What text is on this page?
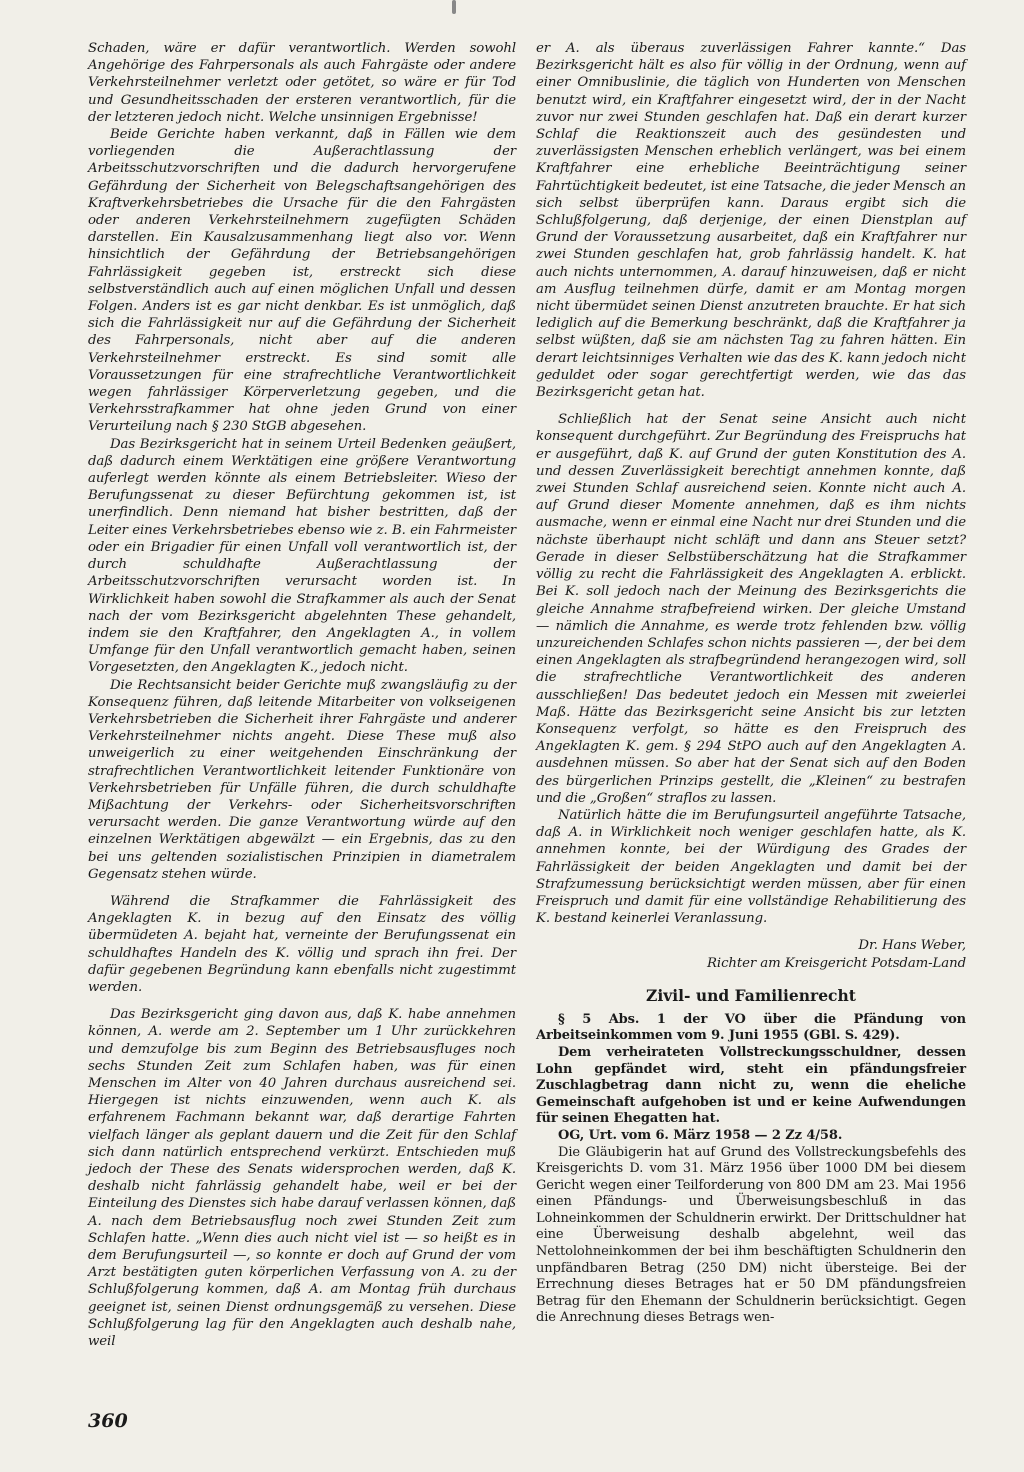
Schaden, wäre er dafür verantwortlich. Werden sowohl Angehörige des Fahrpersonals als auch Fahrgäste oder andere Verkehrsteilnehmer verletzt oder getötet, so wäre er für Tod und Gesundheitsschaden der ersteren verantwortlich, für die der letzteren jedoch nicht. Welche unsinnigen Ergebnisse!

Beide Gerichte haben verkannt, daß in Fällen wie dem vorliegenden die Außerachtlassung der Arbeitsschutzvorschriften und die dadurch hervorgerufene Gefährdung der Sicherheit von Belegschaftsangehörigen des Kraftverkehrsbetriebes die Ursache für die den Fahrgästen oder anderen Verkehrsteilnehmern zugefügten Schäden darstellen. Ein Kausalzusammenhang liegt also vor. Wenn hinsichtlich der Gefährdung der Betriebsangehörigen Fahrlässigkeit gegeben ist, erstreckt sich diese selbstverständlich auch auf einen möglichen Unfall und dessen Folgen. Anders ist es gar nicht denkbar. Es ist unmöglich, daß sich die Fahrlässigkeit nur auf die Gefährdung der Sicherheit des Fahrpersonals, nicht aber auf die anderen Verkehrsteilnehmer erstreckt. Es sind somit alle Voraussetzungen für eine strafrechtliche Verantwortlichkeit wegen fahrlässiger Körperverletzung gegeben, und die Verkehrsstrafkammer hat ohne jeden Grund von einer Verurteilung nach § 230 StGB abgesehen.

Das Bezirksgericht hat in seinem Urteil Bedenken geäußert, daß dadurch einem Werktätigen eine größere Verantwortung auferlegt werden könnte als einem Betriebsleiter. Wieso der Berufungssenat zu dieser Befürchtung gekommen ist, ist unerfindlich. Denn niemand hat bisher bestritten, daß der Leiter eines Verkehrsbetriebes ebenso wie z. B. ein Fahrmeister oder ein Brigadier für einen Unfall voll verantwortlich ist, der durch schuldhafte Außerachtlassung der Arbeitsschutzvorschriften verursacht worden ist. In Wirklichkeit haben sowohl die Strafkammer als auch der Senat nach der vom Bezirksgericht abgelehnten These gehandelt, indem sie den Kraftfahrer, den Angeklagten A., in vollem Umfange für den Unfall verantwortlich gemacht haben, seinen Vorgesetzten, den Angeklagten K., jedoch nicht.

Die Rechtsansicht beider Gerichte muß zwangsläufig zu der Konsequenz führen, daß leitende Mitarbeiter von volkseigenen Verkehrsbetrieben die Sicherheit ihrer Fahrgäste und anderer Verkehrsteilnehmer nichts angeht. Diese These muß also unweigerlich zu einer weitgehenden Einschränkung der strafrechtlichen Verantwortlichkeit leitender Funktionäre von Verkehrsbetrieben für Unfälle führen, die durch schuldhafte Mißachtung der Verkehrs- oder Sicherheitsvorschriften verursacht werden. Die ganze Verantwortung würde auf den einzelnen Werktätigen abgewälzt — ein Ergebnis, das zu den bei uns geltenden sozialistischen Prinzipien in diametralem Gegensatz stehen würde.

Während die Strafkammer die Fahrlässigkeit des Angeklagten K. in bezug auf den Einsatz des völlig übermüdeten A. bejaht hat, verneinte der Berufungssenat ein schuldhaftes Handeln des K. völlig und sprach ihn frei. Der dafür gegebenen Begründung kann ebenfalls nicht zugestimmt werden.

Das Bezirksgericht ging davon aus, daß K. habe annehmen können, A. werde am 2. September um 1 Uhr zurückkehren und demzufolge bis zum Beginn des Betriebsausfluges noch sechs Stunden Zeit zum Schlafen haben, was für einen Menschen im Alter von 40 Jahren durchaus ausreichend sei. Hiergegen ist nichts einzuwenden, wenn auch K. als erfahrenem Fachmann bekannt war, daß derartige Fahrten vielfach länger als geplant dauern und die Zeit für den Schlaf sich dann natürlich entsprechend verkürzt. Entschieden muß jedoch der These des Senats widersprochen werden, daß K. deshalb nicht fahrlässig gehandelt habe, weil er bei der Einteilung des Dienstes sich habe darauf verlassen können, daß A. nach dem Betriebsausflug noch zwei Stunden Zeit zum Schlafen hatte. „Wenn dies auch nicht viel ist — so heißt es in dem Berufungsurteil —, so konnte er doch auf Grund der vom Arzt bestätigten guten körperlichen Verfassung von A. zu der Schlußfolgerung kommen, daß A. am Montag früh durchaus geeignet ist, seinen Dienst ordnungsgemäß zu versehen. Diese Schlußfolgerung lag für den Angeklagten auch deshalb nahe, weil

er A. als überaus zuverlässigen Fahrer kannte.“ Das Bezirksgericht hält es also für völlig in der Ordnung, wenn auf einer Omnibuslinie, die täglich von Hunderten von Menschen benutzt wird, ein Kraftfahrer eingesetzt wird, der in der Nacht zuvor nur zwei Stunden geschlafen hat. Daß ein derart kurzer Schlaf die Reaktionszeit auch des gesündesten und zuverlässigsten Menschen erheblich verlängert, was bei einem Kraftfahrer eine erhebliche Beeinträchtigung seiner Fahrtüchtigkeit bedeutet, ist eine Tatsache, die jeder Mensch an sich selbst überprüfen kann. Daraus ergibt sich die Schlußfolgerung, daß derjenige, der einen Dienstplan auf Grund der Voraussetzung ausarbeitet, daß ein Kraftfahrer nur zwei Stunden geschlafen hat, grob fahrlässig handelt. K. hat auch nichts unternommen, A. darauf hinzuweisen, daß er nicht am Ausflug teilnehmen dürfe, damit er am Montag morgen nicht übermüdet seinen Dienst anzutreten brauchte. Er hat sich lediglich auf die Bemerkung beschränkt, daß die Kraftfahrer ja selbst wüßten, daß sie am nächsten Tag zu fahren hätten. Ein derart leichtsinniges Verhalten wie das des K. kann jedoch nicht geduldet oder sogar gerechtfertigt werden, wie das das Bezirksgericht getan hat.

Schließlich hat der Senat seine Ansicht auch nicht konsequent durchgeführt. Zur Begründung des Freispruchs hat er ausgeführt, daß K. auf Grund der guten Konstitution des A. und dessen Zuverlässigkeit berechtigt annehmen konnte, daß zwei Stunden Schlaf ausreichend seien. Konnte nicht auch A. auf Grund dieser Momente annehmen, daß es ihm nichts ausmache, wenn er einmal eine Nacht nur drei Stunden und die nächste überhaupt nicht schläft und dann ans Steuer setzt? Gerade in dieser Selbstüberschätzung hat die Strafkammer völlig zu recht die Fahrlässigkeit des Angeklagten A. erblickt. Bei K. soll jedoch nach der Meinung des Bezirksgerichts die gleiche Annahme strafbefreiend wirken. Der gleiche Umstand — nämlich die Annahme, es werde trotz fehlenden bzw. völlig unzureichenden Schlafes schon nichts passieren —, der bei dem einen Angeklagten als strafbegründend herangezogen wird, soll die strafrechtliche Verantwortlichkeit des anderen ausschließen! Das bedeutet jedoch ein Messen mit zweierlei Maß. Hätte das Bezirksgericht seine Ansicht bis zur letzten Konsequenz verfolgt, so hätte es den Freispruch des Angeklagten K. gem. § 294 StPO auch auf den Angeklagten A. ausdehnen müssen. So aber hat der Senat sich auf den Boden des bürgerlichen Prinzips gestellt, die „Kleinen“ zu bestrafen und die „Großen“ straflos zu lassen.

Natürlich hätte die im Berufungsurteil angeführte Tatsache, daß A. in Wirklichkeit noch weniger geschlafen hatte, als K. annehmen konnte, bei der Würdigung des Grades der Fahrlässigkeit der beiden Angeklagten und damit bei der Strafzumessung berücksichtigt werden müssen, aber für einen Freispruch und damit für eine vollständige Rehabilitierung des K. bestand keinerlei Veranlassung.

Dr. Hans Weber,

Richter am Kreisgericht Potsdam-Land

Zivil- und Familienrecht

§ 5 Abs. 1 der VO über die Pfändung von Arbeitseinkommen vom 9. Juni 1955 (GBl. S. 429).

Dem verheirateten Vollstreckungsschuldner, dessen Lohn gepfändet wird, steht ein pfändungsfreier Zuschlagbetrag dann nicht zu, wenn die eheliche Gemeinschaft aufgehoben ist und er keine Aufwendungen für seinen Ehegatten hat.

OG, Urt. vom 6. März 1958 — 2 Zz 4/58.

Die Gläubigerin hat auf Grund des Vollstreckungsbefehls des Kreisgerichts D. vom 31. März 1956 über 1000 DM bei diesem Gericht wegen einer Teilforderung von 800 DM am 23. Mai 1956 einen Pfändungs- und Überweisungsbeschluß in das Lohneinkommen der Schuldnerin erwirkt. Der Drittschuldner hat eine Überweisung deshalb abgelehnt, weil das Nettolohneinkommen der bei ihm beschäftigten Schuldnerin den unpfändbaren Betrag (250 DM) nicht übersteige. Bei der Errechnung dieses Betrages hat er 50 DM pfändungsfreien Betrag für den Ehemann der Schuldnerin berücksichtigt. Gegen die Anrechnung dieses Betrags wen-

360
